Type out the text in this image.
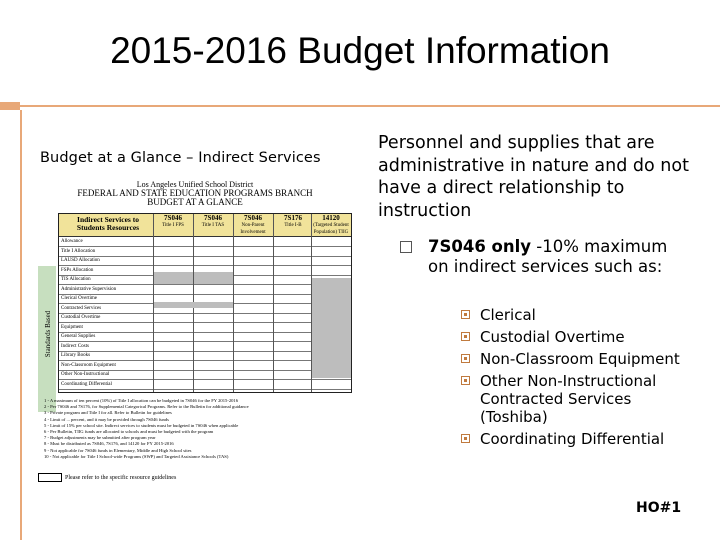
2015-2016 Budget Information
Budget at a Glance – Indirect Services
Los Angeles Unified School District
FEDERAL AND STATE EDUCATION PROGRAMS BRANCH
BUDGET AT A GLANCE
Standards Based
Indirect Services to Students Resources
7S046
Title I FPS
7S046
Title I TAS
7S046
Non-Parent Involvement
7S176
Title I-B
14120
(Targeted Student Population) TIIG
Allowance
Title I Allocation
LAUSD Allocation
FSPs Allocation
TIS Allocation
Administrative Supervision
Clerical Overtime
Contracted Services
Custodial Overtime
Equipment
General Supplies
Indirect Costs
Library Books
Non-Classroom Equipment
Other Non-Instructional
Coordinating Differential
1 - A maximum of ten percent (10%) of Title I allocation can be budgeted in 7S046 for the FY 2015-2016
2 - Per 7S046 and 7S176, for Supplemental Categorical Programs. Refer to the Bulletin for additional guidance
3 - Private program and Title I for all. Refer to Bulletin for guidelines
4 - Limit of ... percent, and it may be provided through 7S046 funds
5 - Limit of 15% per school site. Indirect services to students must be budgeted in 7S046 when applicable
6 - Per Bulletin, TIIG funds are allocated to schools and must be budgeted with the program
7 - Budget adjustments may be submitted after program year
8 - Must be distributed as 7S046, 7S176, and 14120 for FY 2015-2016
9 - Not applicable for 7S046 funds in Elementary, Middle and High School sites
10 - Not applicable for Title I School-wide Programs (SWP) and Targeted Assistance Schools (TAS)
Please refer to the specific resource guidelines
Personnel and supplies that are administrative in nature and do not have a direct relationship to instruction
7S046 only -10% maximum on indirect services such as:
Clerical
Custodial Overtime
Non-Classroom Equipment
Other Non-Instructional Contracted Services (Toshiba)
Coordinating Differential
HO#1
